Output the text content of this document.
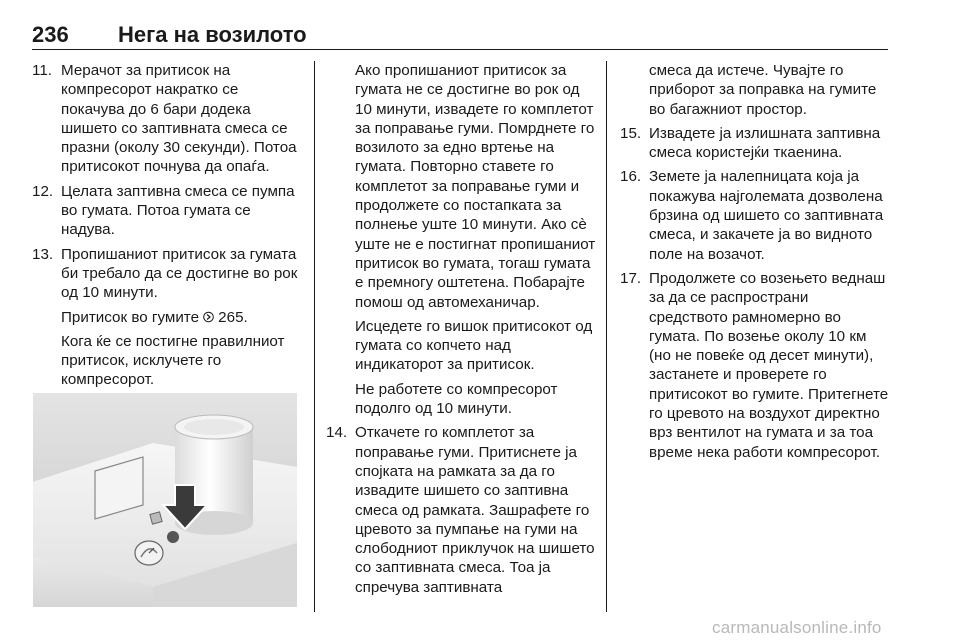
236 Нега на возилото
11. Мерачот за притисок на компресорот накратко се покачува до 6 бари додека шишето со заптивната смеса се празни (околу 30 секунди). Потоа притисокот почнува да опаѓа.
12. Целата заптивна смеса се пумпа во гумата. Потоа гумата се надува.
13. Пропишаниот притисок за гумата би требало да се достигне во рок од 10 минути.
Притисок во гумите 265.
Кога ќе се постигне правилниот притисок, исклучете го компресорот.
Ако пропишаниот притисок за гумата не се достигне во рок од 10 минути, извадете го комплетот за поправање гуми. Помрднете го возилото за едно вртење на гумата. Повторно ставете го комплетот за поправање гуми и продолжете со постапката за полнење уште 10 минути. Ако сè уште не е постигнат пропишаниот притисок во гумата, тогаш гумата е премногу оштетена. Побарајте помош од автомеханичар.
Исцедете го вишок притисокот од гумата со копчето над индикаторот за притисок.
Не работете со компресорот подолго од 10 минути.
14. Откачете го комплетот за поправање гуми. Притиснете ја спојката на рамката за да го извадите шишето со заптивна смеса од рамката. Зашрафете го цревото за пумпање на гуми на слободниот приклучок на шишето со заптивната смеса. Тоа ја спречува заптивната
смеса да истече. Чувајте го приборот за поправка на гумите во багажниот простор.
15. Извадете ја излишната заптивна смеса користејќи ткаенина.
16. Земете ја налепницата која ја покажува најголемата дозволена брзина од шишето со заптивната смеса, и закачете ја во видното поле на возачот.
17. Продолжете со возењето веднаш за да се распространи средството рамномерно во гумата. По возење околу 10 км (но не повеќе од десет минути), застанете и проверете го притисокот во гумите. Притегнете го цревото на воздухот директно врз вентилот на гумата и за тоа време нека работи компресорот.
carmanualsonline.info
